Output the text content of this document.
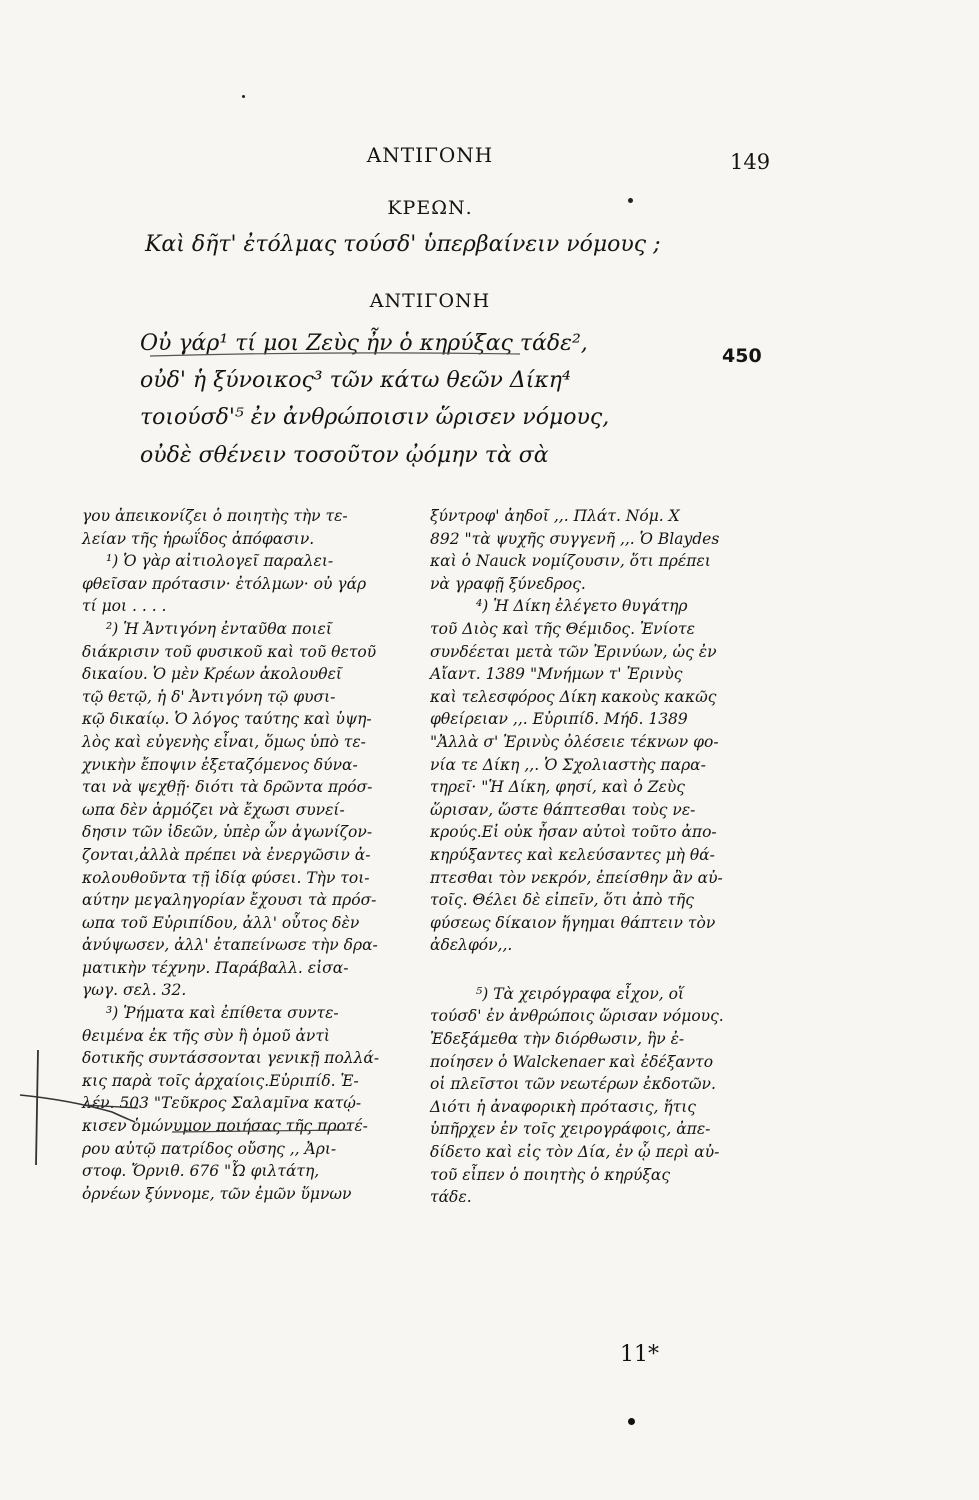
ΑΝΤΙΓΟΝΗ	149
ΚΡΕΩΝ.
Καὶ δῆτ' ἐτόλμας τούσδ' ὑπερβαίνειν νόμους ;
ΑΝΤΙΓΟΝΗ
Οὐ γάρ¹ τί μοι Ζεὺς ἦν ὁ κηρύξας τάδε²,
οὐδ' ἡ ξύνοικος³ τῶν κάτω θεῶν Δίκη⁴
τοιούσδ'⁵ ἐν ἀνθρώποισιν ὥρισεν νόμους,
οὐδὲ σθένειν τοσοῦτον ᾠόμην τὰ σὰ
450

γου ἀπεικονίζει ὁ ποιητὴς τὴν τε-

λείαν τῆς ἡρωΐδος ἀπόφασιν.

¹) Ὁ γὰρ αἰτιολογεῖ παραλει-

φθεῖσαν πρότασιν· ἐτόλμων· οὐ γάρ

τί μοι . . . .

²) Ἡ Ἀντιγόνη ἐνταῦθα ποιεῖ

διάκρισιν τοῦ φυσικοῦ καὶ τοῦ θετοῦ

δικαίου. Ὁ μὲν Κρέων ἀκολουθεῖ

τῷ θετῷ, ἡ δ' Ἀντιγόνη τῷ φυσι-

κῷ δικαίῳ. Ὁ λόγος ταύτης καὶ ὑψη-

λὸς καὶ εὐγενὴς εἶναι, ὅμως ὑπὸ τε-

χνικὴν ἔποψιν ἐξεταζόμενος δύνα-

ται νὰ ψεχθῇ· διότι τὰ δρῶντα πρόσ-

ωπα δὲν ἁρμόζει νὰ ἔχωσι συνεί-

δησιν τῶν ἰδεῶν, ὑπὲρ ὧν ἀγωνίζον-

ζονται,ἀλλὰ πρέπει νὰ ἐνεργῶσιν ἀ-

κολουθοῦντα τῇ ἰδίᾳ φύσει. Τὴν τοι-

αύτην μεγαληγορίαν ἔχουσι τὰ πρόσ-

ωπα τοῦ Εὐριπίδου, ἀλλ' οὗτος δὲν

ἀνύψωσεν, ἀλλ' ἐταπείνωσε τὴν δρα-

ματικὴν τέχνην. Παράβαλλ. εἰσα-

γωγ. σελ. 32.

³) Ῥήματα καὶ ἐπίθετα συντε-

θειμένα ἐκ τῆς σὺν ἢ ὁμοῦ ἀντὶ

δοτικῆς συντάσσονται γενικῇ πολλά-

κις παρὰ τοῖς ἀρχαίοις.Εὐριπίδ. Ἑ-

λέν. 503 "Τεῦκρος Σαλαμῖνα κατῴ-

κισεν ὁμώνυμον ποιήσας τῆς προτέ-

ρου αὐτῷ πατρίδος οὔσης ,, Ἀρι-

στοφ. Ὄρνιθ. 676 "Ὦ φιλτάτη,

ὀρνέων ξύννομε, τῶν ἐμῶν ὕμνων

ξύντροφ' ἀηδοῖ ,,. Πλάτ. Νόμ. Χ

892 "τὰ ψυχῆς συγγενῆ ,,. Ὁ Blaydes

καὶ ὁ Nauck νομίζουσιν, ὅτι πρέπει

νὰ γραφῇ ξύνεδρος.

⁴) Ἡ Δίκη ἐλέγετο θυγάτηρ

τοῦ Διὸς καὶ τῆς Θέμιδος. Ἐνίοτε

συνδέεται μετὰ τῶν Ἐρινύων, ὡς ἐν

Αἴαντ. 1389 "Μνήμων τ' Ἐρινὺς

καὶ τελεσφόρος Δίκη κακοὺς κακῶς

φθείρειαν ,,. Εὐριπίδ. Μήδ. 1389

"Ἀλλὰ σ' Ἐρινὺς ὀλέσειε τέκνων φο-

νία τε Δίκη ,,. Ὁ Σχολιαστὴς παρα-

τηρεῖ· "Ἡ Δίκη, φησί, καὶ ὁ Ζεὺς

ὥρισαν, ὥστε θάπτεσθαι τοὺς νε-

κρούς.Εἰ οὐκ ἦσαν αὐτοὶ τοῦτο ἀπο-

κηρύξαντες καὶ κελεύσαντες μὴ θά-

πτεσθαι τὸν νεκρόν, ἐπείσθην ἂν αὐ-

τοῖς. Θέλει δὲ εἰπεῖν, ὅτι ἀπὸ τῆς

φύσεως δίκαιον ἥγημαι θάπτειν τὸν

ἀδελφόν,,.

⁵) Τὰ χειρόγραφα εἶχον, οἵ

τούσδ' ἐν ἀνθρώποις ὥρισαν νόμους.

Ἐδεξάμεθα τὴν διόρθωσιν, ἣν ἐ-

ποίησεν ὁ Walckenaer καὶ ἐδέξαντο

οἱ πλεῖστοι τῶν νεωτέρων ἐκδοτῶν.

Διότι ἡ ἀναφορικὴ πρότασις, ἥτις

ὑπῆρχεν ἐν τοῖς χειρογράφοις, ἀπε-

δίδετο καὶ εἰς τὸν Δία, ἐν ᾧ περὶ αὐ-

τοῦ εἶπεν ὁ ποιητὴς ὁ κηρύξας

τάδε.

11*
